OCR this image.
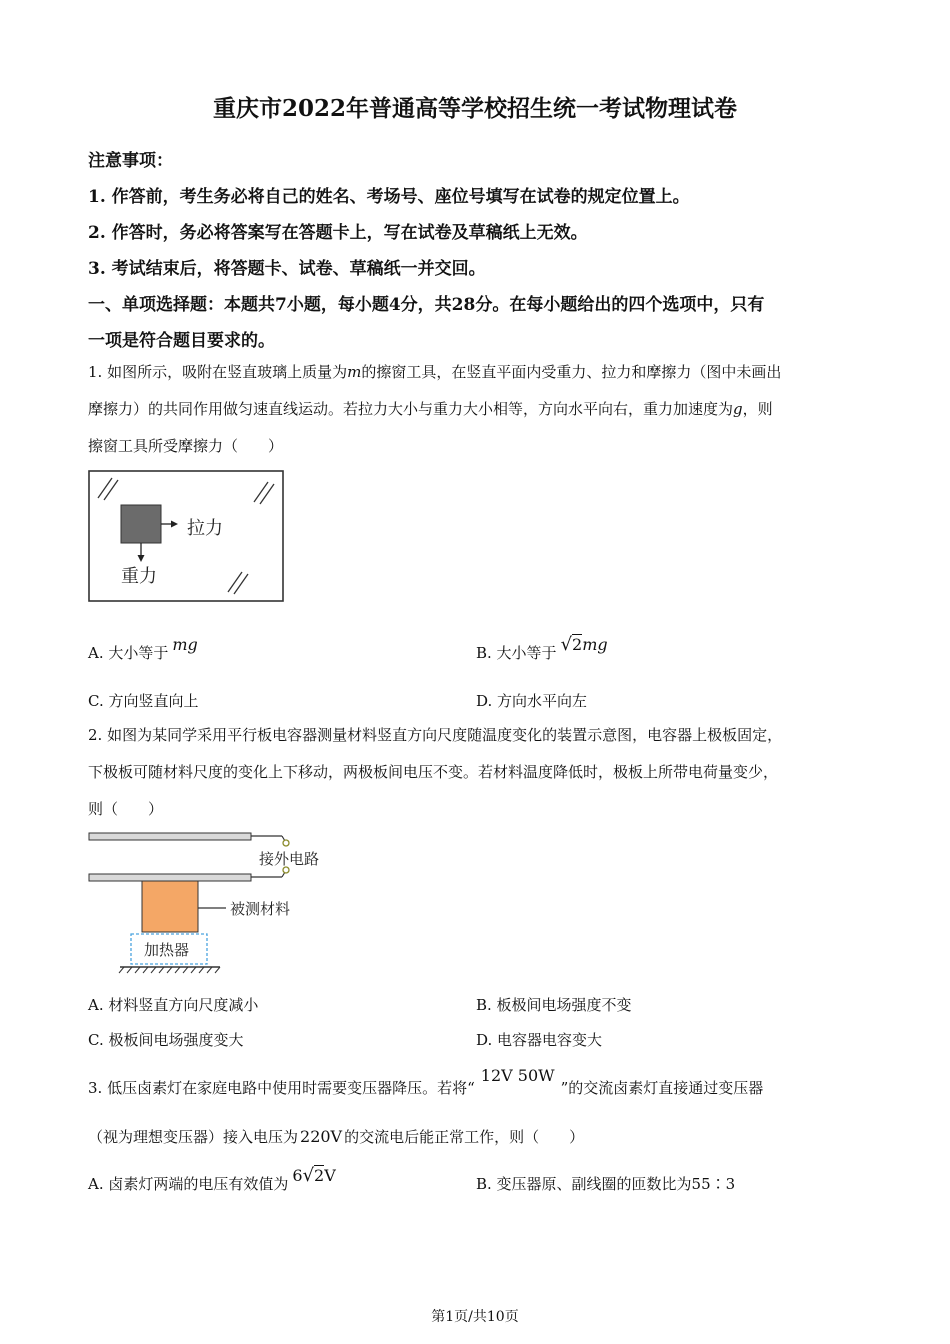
重庆市2022年普通高等学校招生统一考试物理试卷
注意事项：
1. 作答前，考生务必将自己的姓名、考场号、座位号填写在试卷的规定位置上。
2. 作答时，务必将答案写在答题卡上，写在试卷及草稿纸上无效。
3. 考试结束后，将答题卡、试卷、草稿纸一并交回。
一、单项选择题：本题共7小题，每小题4分，共28分。在每小题给出的四个选项中，只有
一项是符合题目要求的。
1. 如图所示，吸附在竖直玻璃上质量为m的擦窗工具，在竖直平面内受重力、拉力和摩擦力（图中未画出
摩擦力）的共同作用做匀速直线运动。若拉力大小与重力大小相等，方向水平向右，重力加速度为g，则
擦窗工具所受摩擦力（　　）
拉力
重力
A. 大小等于 mg	B. 大小等于 √2mg
C. 方向竖直向上	D. 方向水平向左
2. 如图为某同学采用平行板电容器测量材料竖直方向尺度随温度变化的装置示意图，电容器上极板固定，
下极板可随材料尺度的变化上下移动，两极板间电压不变。若材料温度降低时，极板上所带电荷量变少，
则（　　）
接外电路
被测材料
加热器
A. 材料竖直方向尺度减小	B. 板极间电场强度不变
C. 极板间电场强度变大	D. 电容器电容变大
3. 低压卤素灯在家庭电路中使用时需要变压器降压。若将“12V 50W”的交流卤素灯直接通过变压器
（视为理想变压器）接入电压为 220V 的交流电后能正常工作，则（　　）
A. 卤素灯两端的电压有效值为 6√2V	B. 变压器原、副线圈的匝数比为55∶3
第1页/共10页
